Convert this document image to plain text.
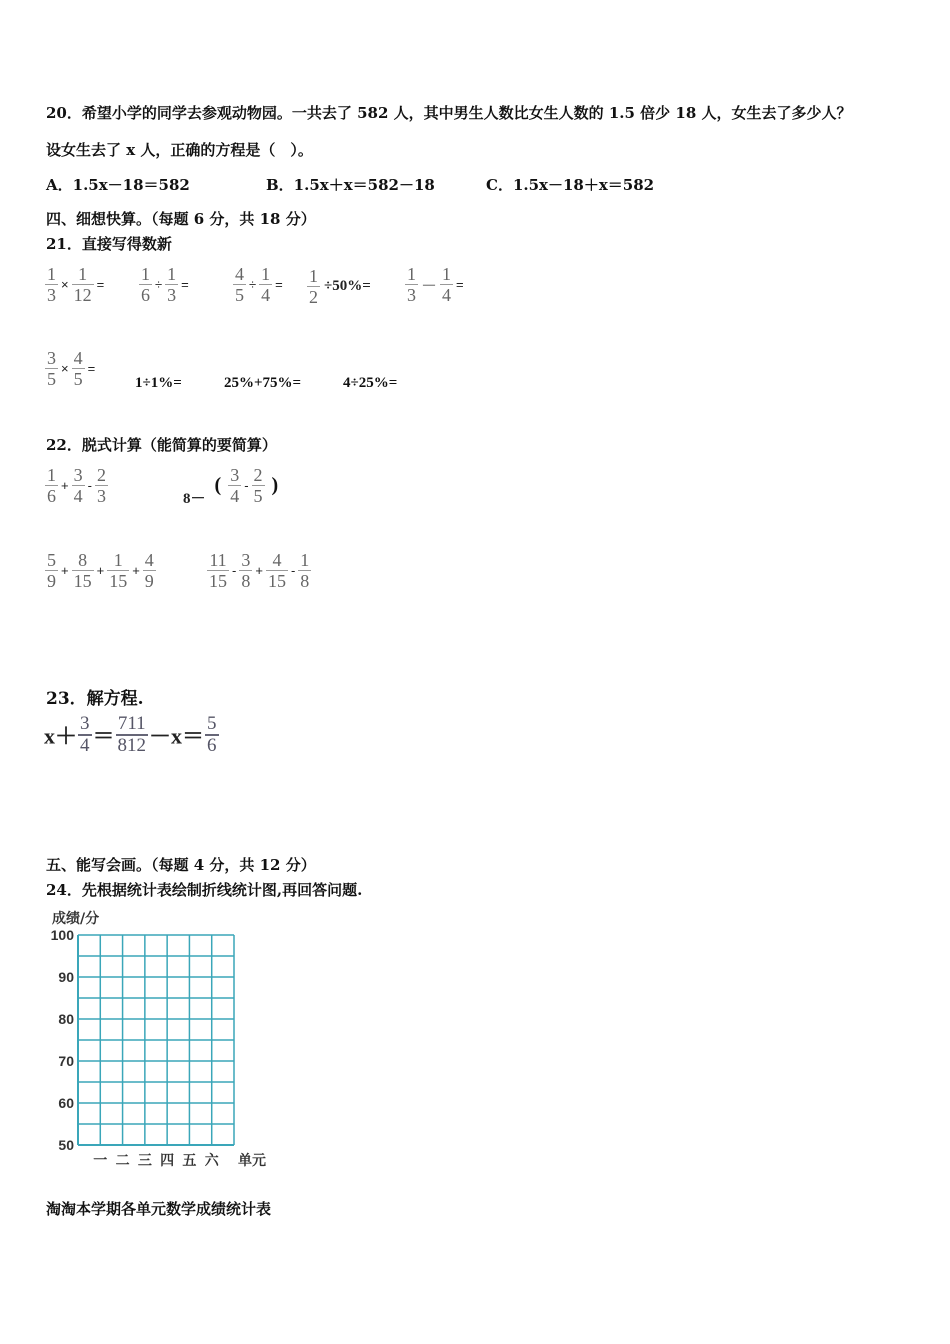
20．希望小学的同学去参观动物园。一共去了 582 人，其中男生人数比女生人数的 1.5 倍少 18 人，女生去了多少人？
设女生去了 x 人，正确的方程是（　）。
A．1.5x－18＝582	B．1.5x＋x＝582－18	C．1.5x－18＋x＝582
四、细想快算。（每题 6 分，共 18 分）
21．直接写得数新
$\frac{1}{3} \times \frac{1}{12} = \frac{1}{6} \div \frac{1}{3} = \frac{4}{5} \div \frac{1}{4} = \frac{1}{2} \div 50\%= \frac{1}{3} - \frac{1}{4}$ =
$\frac{3}{5} \times \frac{4}{5}$ =
1÷1%=	25%+75%=	4÷25%=
22．脱式计算（能简算的要简算）
$\frac{1}{6} + \frac{3}{4} - \frac{2}{3}$	$8-( \frac{3}{4} - \frac{2}{5}$ )
$\frac{5}{9} + \frac{8}{15} + \frac{1}{15} + \frac{4}{9}$	$\frac{11}{15} - \frac{3}{8} + \frac{4}{15} - \frac{1}{8}$
23．解方程.
$x+ \frac{3}{4} = \frac{711}{812} -x= \frac{5}{6}$
五、能写会画。（每题 4 分，共 12 分）
24．先根据统计表绘制折线统计图,再回答问题.
成绩/分
100
90
80
70
60
50
一 二 三 四 五 六 单元
淘淘本学期各单元数学成绩统计表
